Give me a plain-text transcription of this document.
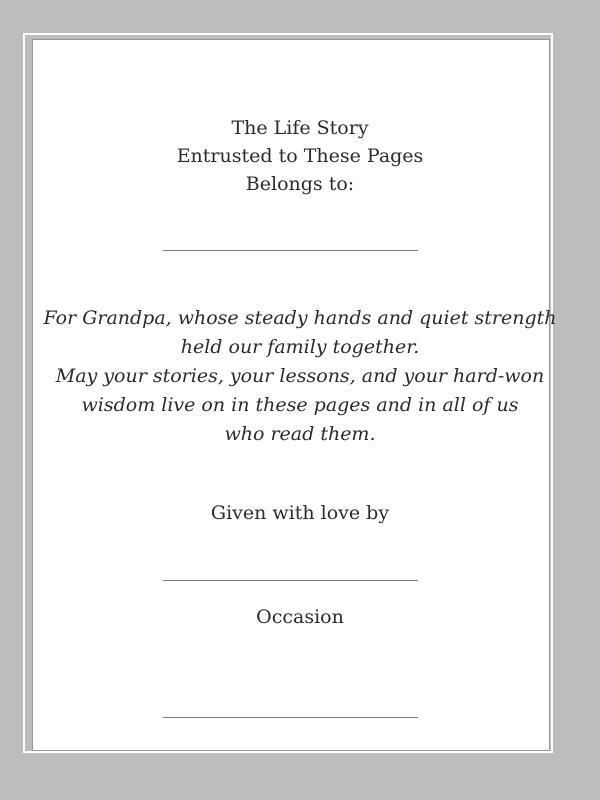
The Life Story
Entrusted to These Pages
Belongs to:
For Grandpa, whose steady hands and quiet strength
held our family together.
May your stories, your lessons, and your hard-won
wisdom live on in these pages and in all of us
who read them.
Given with love by
Occasion
